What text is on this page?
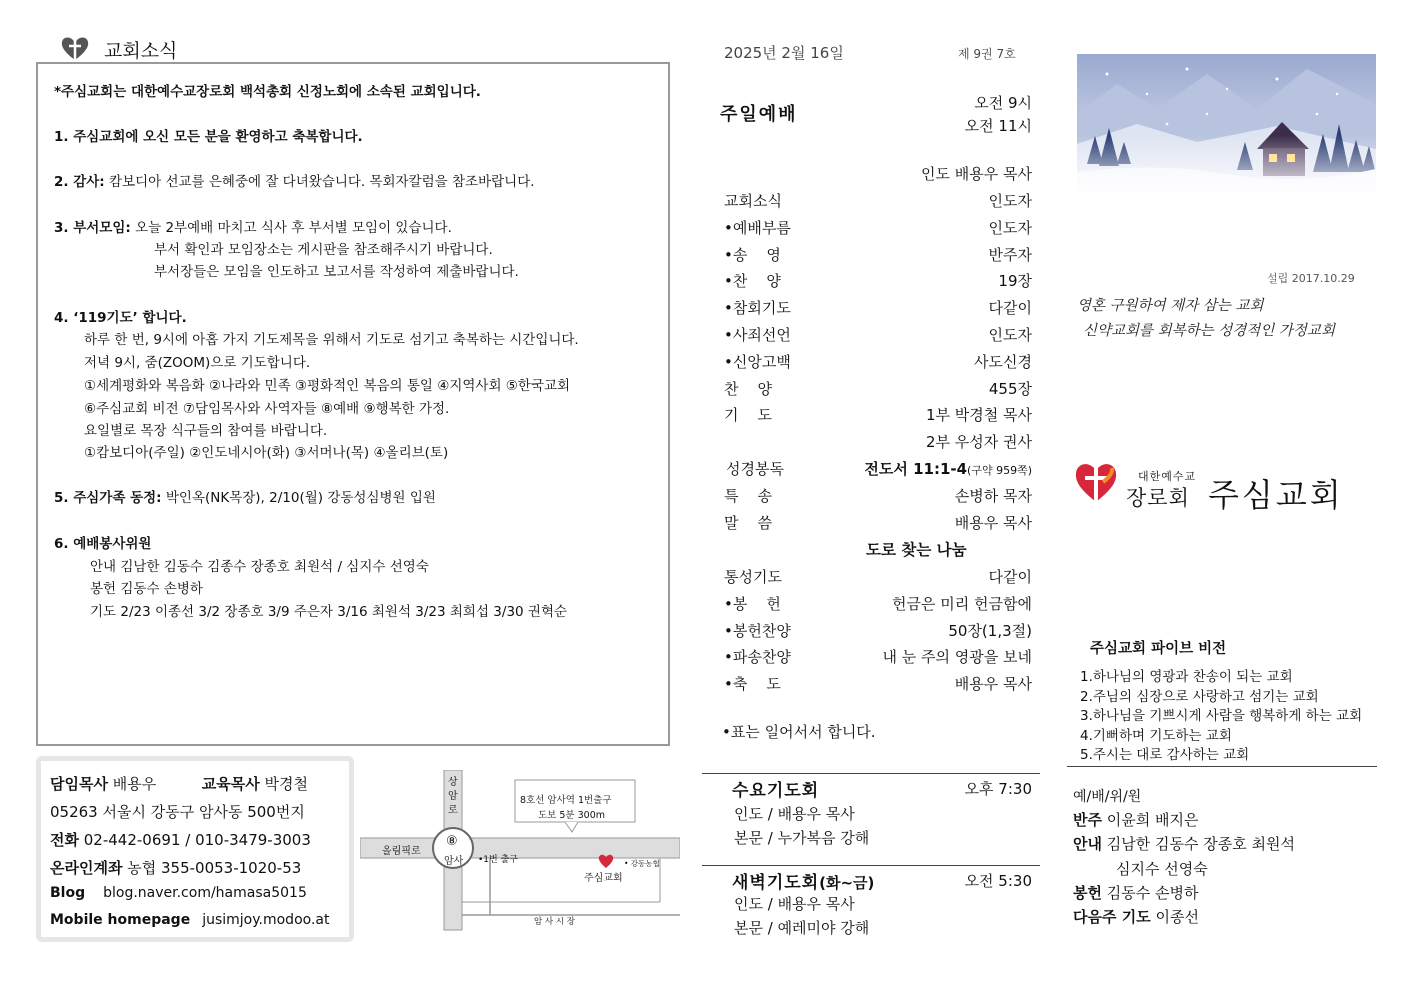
교회소식
*주심교회는 대한예수교장로회 백석총회 신정노회에 소속된 교회입니다.
1. 주심교회에 오신 모든 분을 환영하고 축복합니다.
2. 감사: 캄보디아 선교를 은혜중에 잘 다녀왔습니다. 목회자칼럼을 참조바랍니다.
3. 부서모임: 오늘 2부예배 마치고 식사 후 부서별 모임이 있습니다.
부서 확인과 모임장소는 게시판을 참조해주시기 바랍니다.
부서장들은 모임을 인도하고 보고서를 작성하여 제출바랍니다.
4. ‘119기도’ 합니다.
하루 한 번, 9시에 아홉 가지 기도제목을 위해서 기도로 섬기고 축복하는 시간입니다.
저녁 9시, 줌(ZOOM)으로 기도합니다.
①세계평화와 복음화 ②나라와 민족 ③평화적인 복음의 통일 ④지역사회 ⑤한국교회
⑥주심교회 비전 ⑦담임목사와 사역자들 ⑧예배 ⑨행복한 가정.
요일별로 목장 식구들의 참여를 바랍니다.
①캄보디아(주일) ②인도네시아(화) ③서머나(목) ④올리브(토)
5. 주심가족 동정: 박인옥(NK목장), 2/10(월) 강동성심병원 입원
6. 예배봉사위원
안내 김남한 김동수 김종수 장종호 최원석 / 심지수 선영숙
봉헌 김동수 손병하
기도 2/23 이종선 3/2 장종호 3/9 주은자 3/16 최원석 3/23 최희섭 3/30 권혁순
담임목사 배용우	교육목사 박경철
05263 서울시 강동구 암사동 500번지
전화 02-442-0691 / 010-3479-3003
온라인계좌 농협 355-0053-1020-53
Blog blog.naver.com/hamasa5015
Mobile homepage jusimjoy.modoo.at
상암로
올림픽로
⑧
암사 •1번 출구
8호선 암사역 1번출구
도보 5분 300m
• 강동농협
주심교회
암 사 시 장
2025년 2월 16일	제 9권 7호
주일예배
오전 9시
오전 11시
인도 배용우 목사
교회소식	인도자
•예배부름	인도자
•송    영	반주자
•찬    양	19장
•참회기도	다같이
•사죄선언	인도자
•신앙고백	사도신경
찬    양	455장
기    도	1부 박경철 목사
2부 우성자 권사
성경봉독	전도서 11:1-4(구약 959쪽)
특    송	손병하 목자
말    씀	배용우 목사
도로 찾는 나눔
통성기도	다같이
•봉    헌	헌금은 미리 헌금함에
•봉헌찬양	50장(1,3절)
•파송찬양	내 눈 주의 영광을 보네
•축    도	배용우 목사
•표는 일어서서 합니다.
수요기도회	오후 7:30
인도 / 배용우 목사
본문 / 누가복음 강해
새벽기도회(화~금)	오전 5:30
인도 / 배용우 목사
본문 / 예레미야 강해
설립 2017.10.29
영혼 구원하여 제자 삼는 교회
신약교회를 회복하는 성경적인 가정교회
대한예수교
장로회 주심교회
주심교회 파이브 비전
1.하나님의 영광과 찬송이 되는 교회
2.주님의 심장으로 사랑하고 섬기는 교회
3.하나님을 기쁘시게 사람을 행복하게 하는 교회
4.기뻐하며 기도하는 교회
5.주시는 대로 감사하는 교회
예/배/위/원
반주 이윤희 배지은
안내 김남한 김동수 장종호 최원석
심지수 선영숙
봉헌 김동수 손병하
다음주 기도 이종선
